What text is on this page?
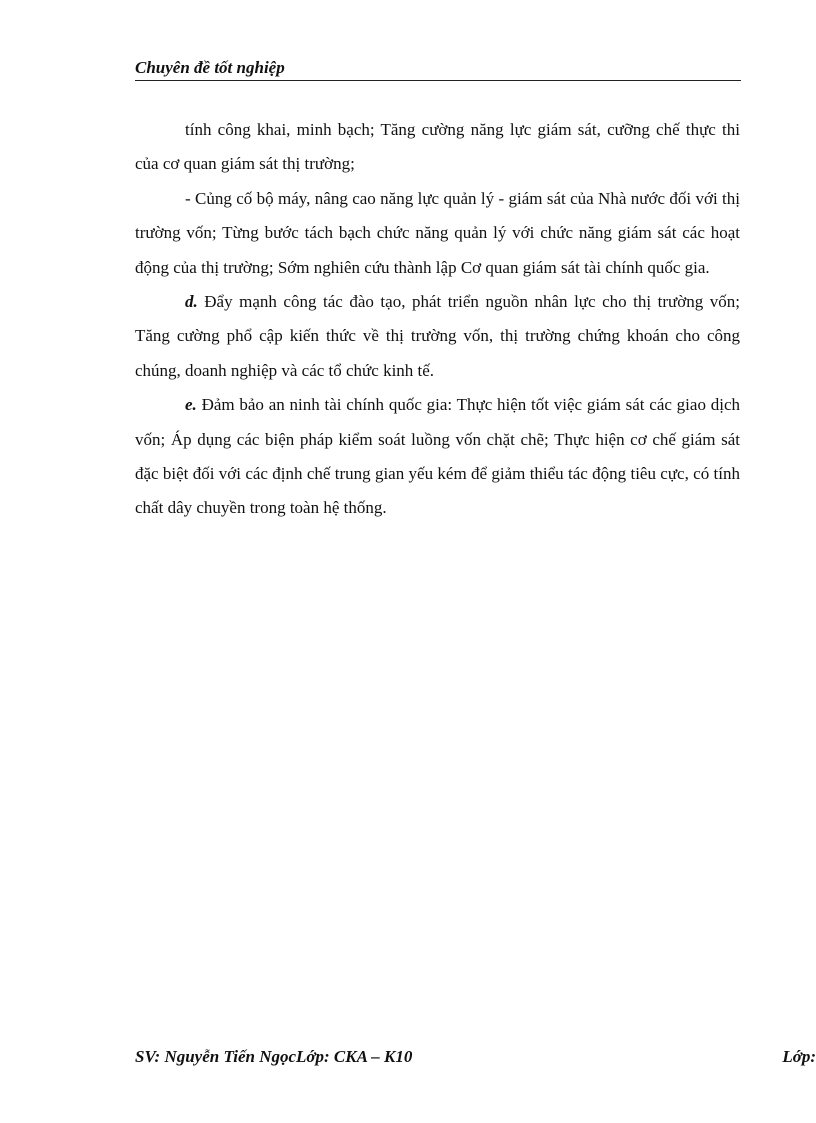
Chuyên đề tốt nghiệp

tính công khai, minh bạch; Tăng cường năng lực giám sát, cưỡng chế thực thi của cơ quan giám sát thị trường;

- Củng cố bộ máy, nâng cao năng lực quản lý - giám sát của Nhà nước đối với thị trường vốn; Từng bước tách bạch chức năng quản lý với chức năng giám sát các hoạt động của thị trường; Sớm nghiên cứu thành lập Cơ quan giám sát tài chính quốc gia.

d. Đẩy mạnh công tác đào tạo, phát triển nguồn nhân lực cho thị trường vốn; Tăng cường phổ cập kiến thức về thị trường vốn, thị trường chứng khoán cho công chúng, doanh nghiệp và các tổ chức kinh tế.

e. Đảm bảo an ninh tài chính quốc gia: Thực hiện tốt việc giám sát các giao dịch vốn; Áp dụng các biện pháp kiểm soát luồng vốn chặt chẽ; Thực hiện cơ chế giám sát đặc biệt đối với các định chế trung gian yếu kém để giảm thiểu tác động tiêu cực, có tính chất dây chuyền trong toàn hệ thống.

SV: Nguyễn Tiến NgọcLớp: CKA – K10	Lớp:
